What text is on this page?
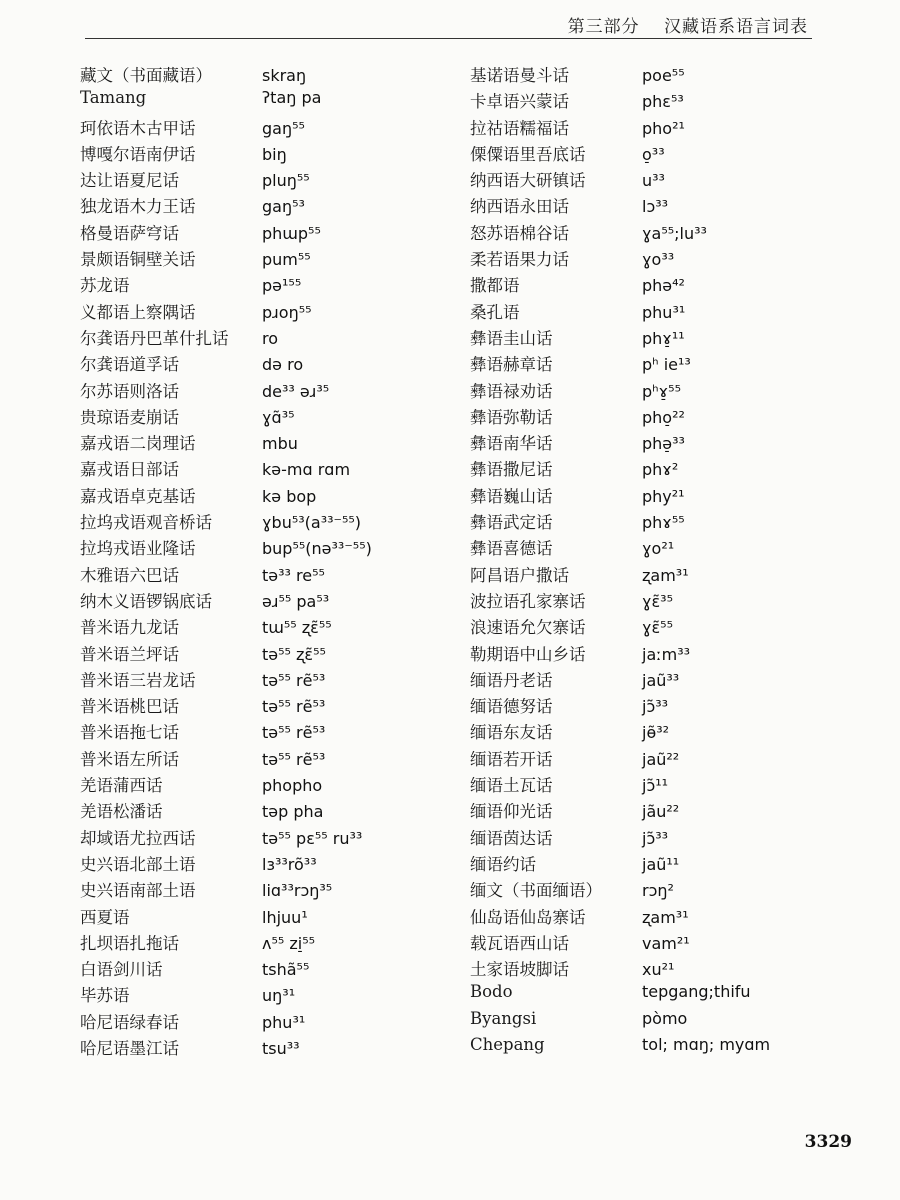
第三部分 汉藏语系语言词表
藏文（书面藏语）	skraŋ
Tamang	ʔtaŋ pa
珂依语木古甲话	gaŋ⁵⁵
博嘎尔语南伊话	biŋ
达让语夏尼话	pluŋ⁵⁵
独龙语木力王话	gaŋ⁵³
格曼语萨穹话	phɯp⁵⁵
景颇语铜壁关话	pum⁵⁵
苏龙语	pə¹⁵⁵
义都语上察隅话	pɹoŋ⁵⁵
尔龚语丹巴革什扎话	ro
尔龚语道孚话	də ro
尔苏语则洛话	de³³ əɹ³⁵
贵琼语麦崩话	ɣɑ̃³⁵
嘉戎语二岗理话	mbu
嘉戎语日部话	kə-mɑ rɑm
嘉戎语卓克基话	kə bop
拉坞戎语观音桥话	ɣbu⁵³(a³³⁻⁵⁵)
拉坞戎语业隆话	bup⁵⁵(nə³³⁻⁵⁵)
木雅语六巴话	tə³³ re⁵⁵
纳木义语锣锅底话	əɹ⁵⁵ pa⁵³
普米语九龙话	tɯ⁵⁵ ʐɛ̃⁵⁵
普米语兰坪话	tə⁵⁵ ʐɛ̃⁵⁵
普米语三岩龙话	tə⁵⁵ rẽ⁵³
普米语桃巴话	tə⁵⁵ rẽ⁵³
普米语拖七话	tə⁵⁵ rẽ⁵³
普米语左所话	tə⁵⁵ rẽ⁵³
羌语蒲西话	phopho
羌语松潘话	təp pha
却域语尤拉西话	tə⁵⁵ pɛ⁵⁵ ru³³
史兴语北部土语	lɜ³³rõ³³
史兴语南部土语	liɑ³³rɔŋ³⁵
西夏语	lhjuu¹
扎坝语扎拖话	ʌ⁵⁵ zi̠⁵⁵
白语剑川话	tshã⁵⁵
毕苏语	uŋ³¹
哈尼语绿春话	phu³¹
哈尼语墨江话	tsu³³
基诺语曼斗话	poe⁵⁵
卡卓语兴蒙话	phɛ⁵³
拉祜语糯福话	pho²¹
傈僳语里吾底话	o̠³³
纳西语大研镇话	u³³
纳西语永田话	lɔ³³
怒苏语棉谷话	ɣa⁵⁵;lu³³
柔若语果力话	ɣo³³
撒都语	phə⁴²
桑孔语	phu³¹
彝语圭山话	phɤ̠¹¹
彝语赫章话	pʰ ie¹³
彝语禄劝话	pʰɤ̠⁵⁵
彝语弥勒话	pho̠²²
彝语南华话	phə̠³³
彝语撒尼话	phɤ²
彝语巍山话	phy²¹
彝语武定话	phɤ⁵⁵
彝语喜德话	ɣo²¹
阿昌语户撒话	ʐam³¹
波拉语孔家寨话	ɣɛ̃³⁵
浪速语允欠寨话	ɣɛ̃⁵⁵
勒期语中山乡话	jaːm³³
缅语丹老话	jaũ³³
缅语德努话	jɔ̃³³
缅语东友话	jɵ̃³²
缅语若开话	jaũ²²
缅语土瓦话	jɔ̃¹¹
缅语仰光话	jãu²²
缅语茵达话	jɔ̃³³
缅语约话	jaũ¹¹
缅文（书面缅语）	rɔŋ²
仙岛语仙岛寨话	ʐam³¹
载瓦语西山话	vam²¹
土家语坡脚话	xu²¹
Bodo	tepgang;thifu
Byangsi	pòmo
Chepang	tol; mɑŋ; myɑm
3329
